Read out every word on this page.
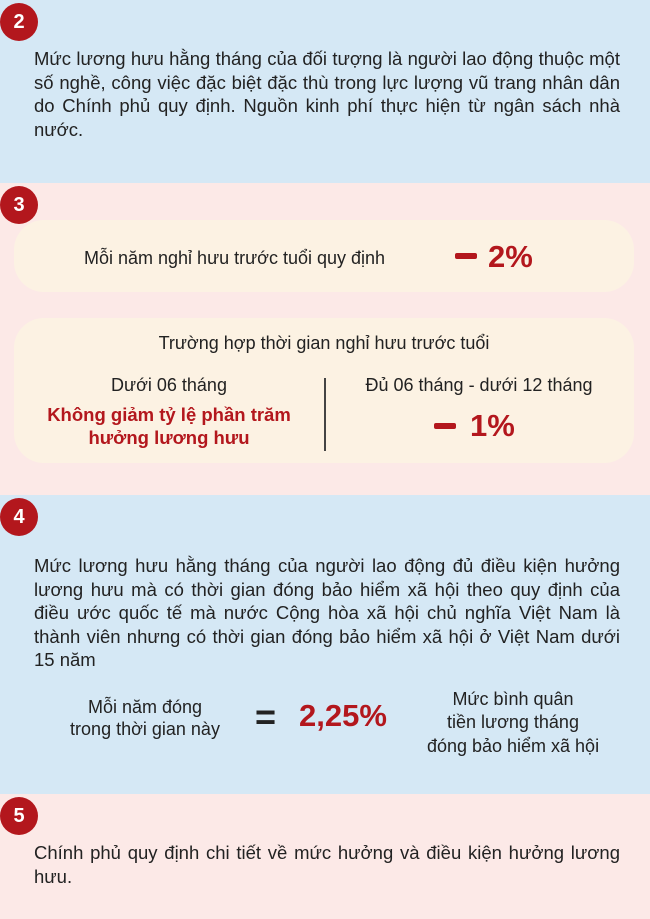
2

Mức lương hưu hằng tháng của đối tượng là người lao động thuộc một số nghề, công việc đặc biệt đặc thù trong lực lượng vũ trang nhân dân do Chính phủ quy định. Nguồn kinh phí thực hiện từ ngân sách nhà nước.

3
Mỗi năm nghỉ hưu trước tuổi quy định	2%
Trường hợp thời gian nghỉ hưu trước tuổi
Dưới 06 tháng
Không giảm tỷ lệ phần trăm
hưởng lương hưu
Đủ 06 tháng - dưới 12 tháng
1%
4

Mức lương hưu hằng tháng của người lao động đủ điều kiện hưởng lương hưu mà có thời gian đóng bảo hiểm xã hội theo quy định của điều ước quốc tế mà nước Cộng hòa xã hội chủ nghĩa Việt Nam là thành viên nhưng có thời gian đóng bảo hiểm xã hội ở Việt Nam dưới 15 năm

Mỗi năm đóng
trong thời gian này = 2,25%	Mức bình quân
tiền lương tháng
đóng bảo hiểm xã hội
5

Chính phủ quy định chi tiết về mức hưởng và điều kiện hưởng lương hưu.
